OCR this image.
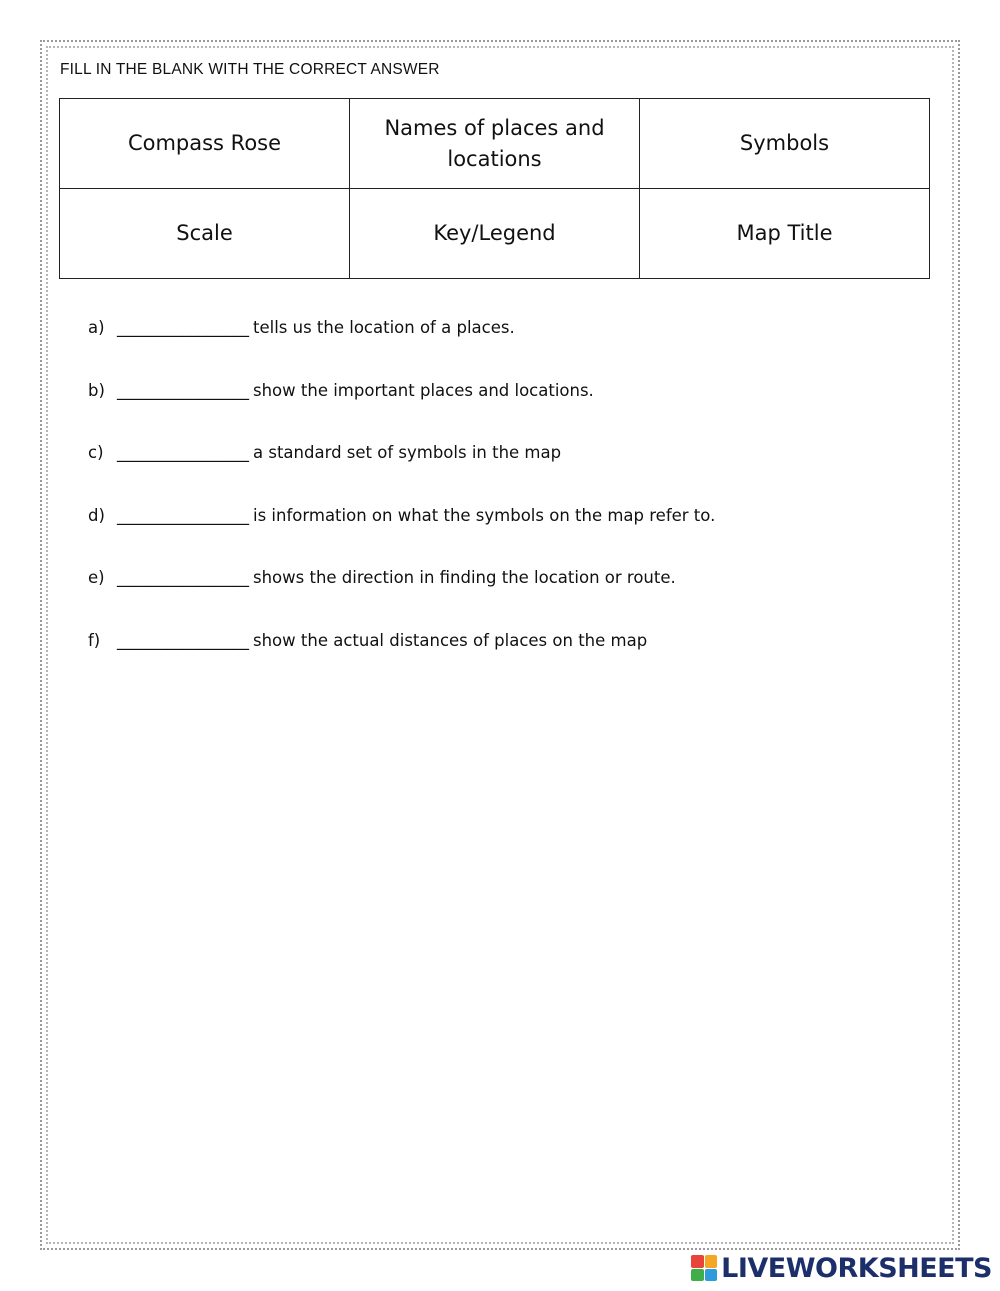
FILL IN THE BLANK WITH THE CORRECT ANSWER
Compass Rose	Names of places and locations	Symbols
Scale	Key/Legend	Map Title
a) ________________ tells us the location of a places.
b) ________________ show the important places and locations.
c) ________________ a standard set of symbols in the map
d) ________________ is information on what the symbols on the map refer to.
e) ________________ shows the direction in finding the location or route.
f)	________________ show the actual distances of places on the map
LIVEWORKSHEETS
